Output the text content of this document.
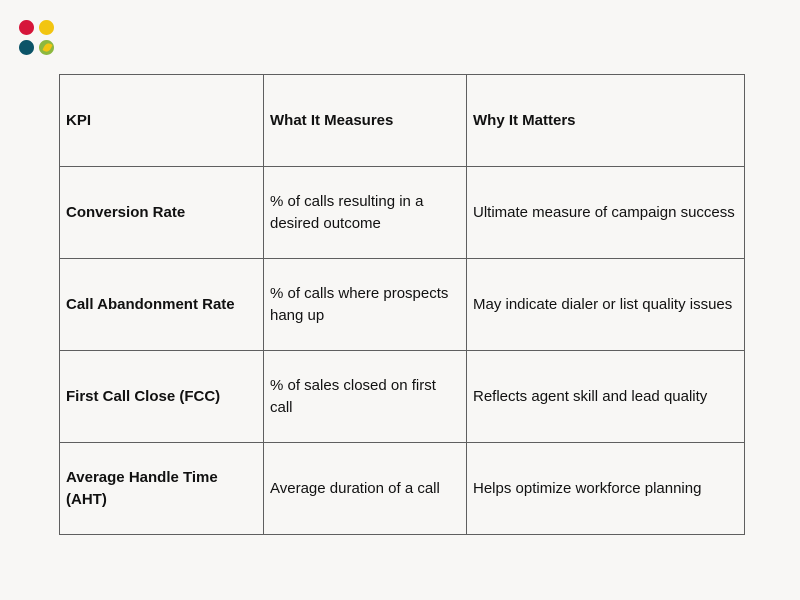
KPI	What It Measures	Why It Matters
Conversion Rate	% of calls resulting in a desired outcome	Ultimate measure of campaign success
Call Abandonment Rate	% of calls where prospects hang up	May indicate dialer or list quality issues
First Call Close (FCC)	% of sales closed on first call	Reflects agent skill and lead quality
Average Handle Time (AHT)	Average duration of a call	Helps optimize workforce planning
